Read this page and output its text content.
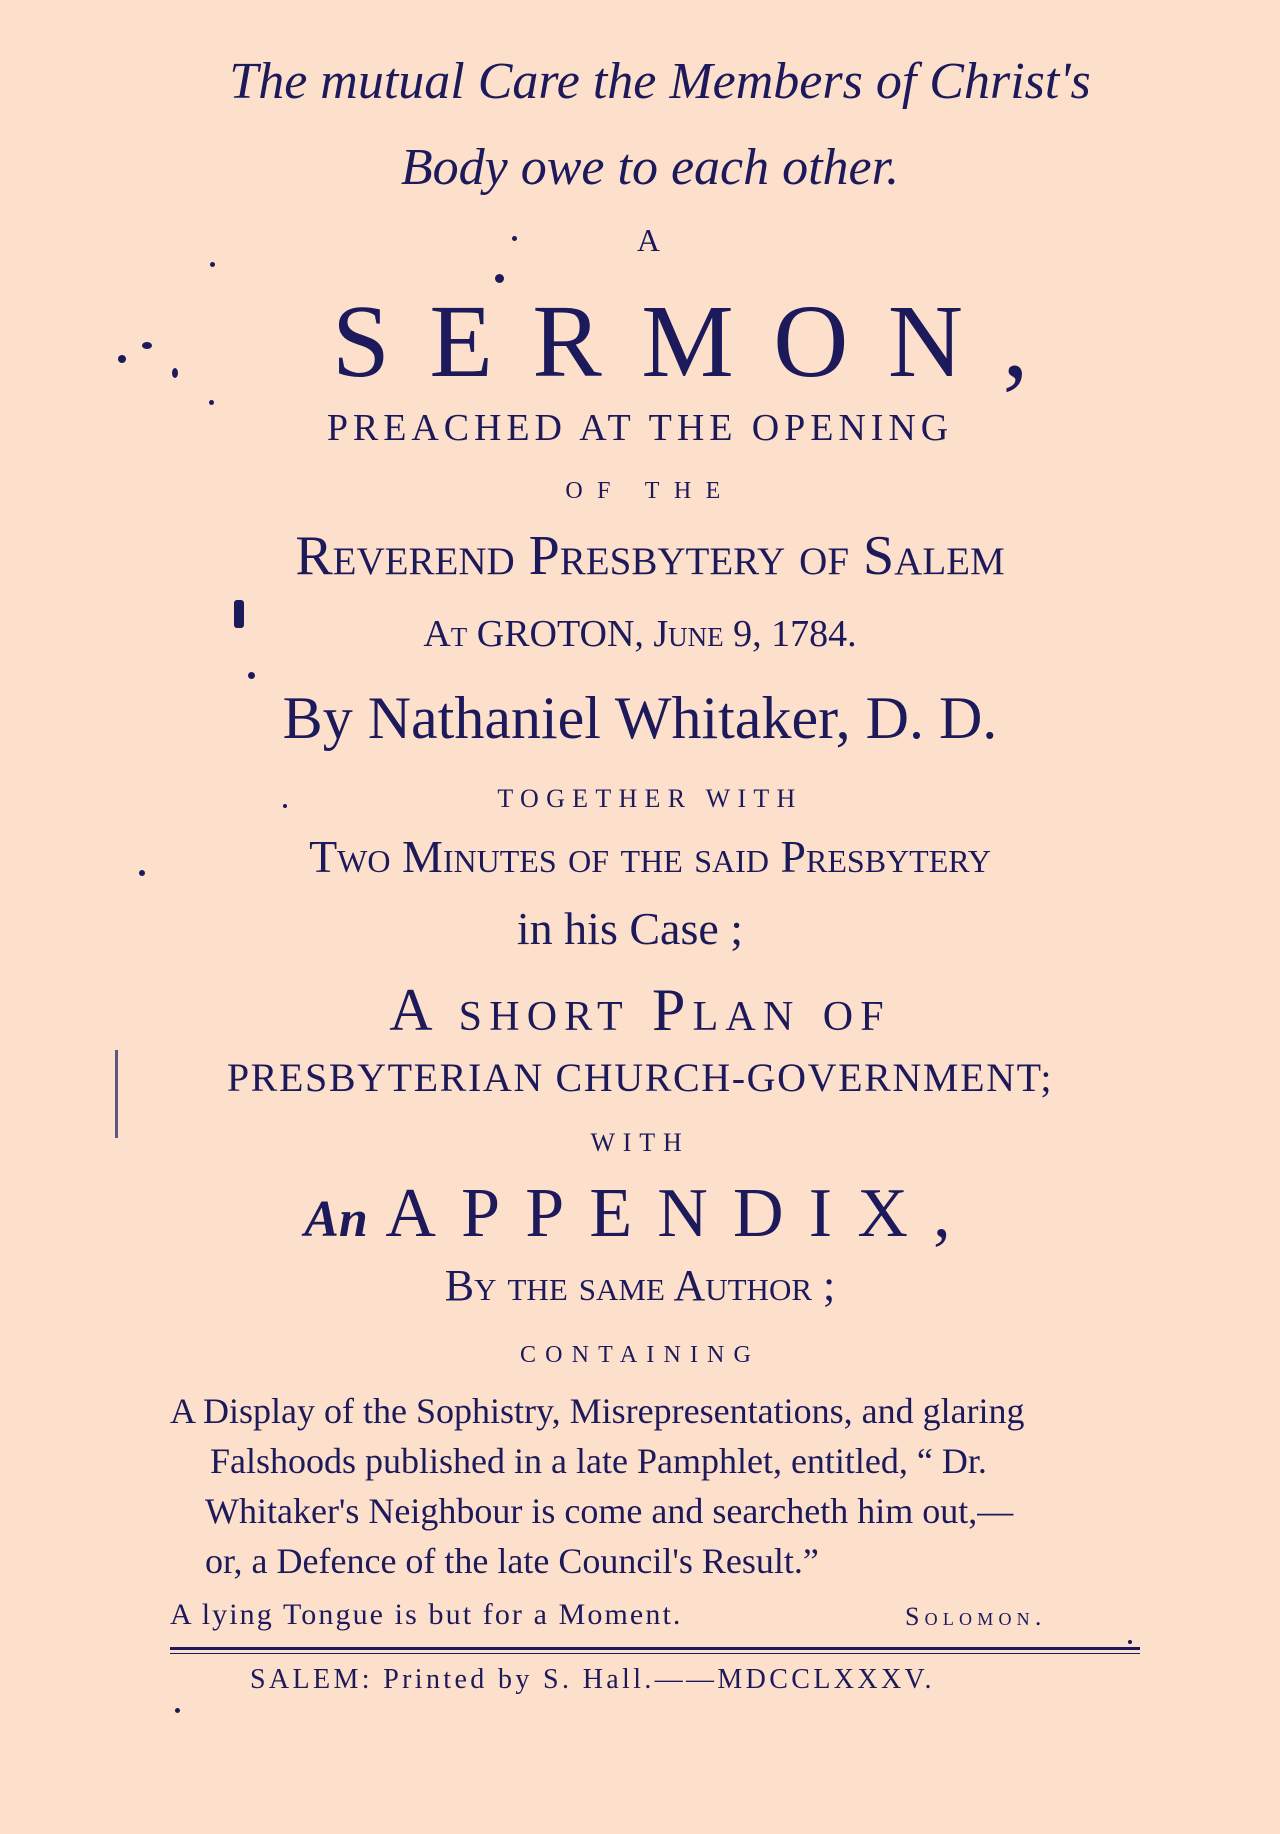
The mutual Care the Members of Christ's
Body owe to each other.
A
SERMON,
PREACHED AT THE OPENING
OF THE
Reverend Presbytery of Salem
At GROTON, June 9, 1784.
By Nathaniel Whitaker, D. D.
TOGETHER WITH
Two Minutes of the said Presbytery
in his Case ;
A short Plan of
PRESBYTERIAN CHURCH-GOVERNMENT;
WITH
An APPENDIX,
By the same Author ;
CONTAINING
A Display of the Sophistry, Misrepresentations, and glaring
Falshoods published in a late Pamphlet, entitled, “ Dr.
Whitaker's Neighbour is come and searcheth him out,—
or, a Defence of the late Council's Result.”
A lying Tongue is but for a Moment.	Solomon.
SALEM: Printed by S. Hall.——MDCCLXXXV.
